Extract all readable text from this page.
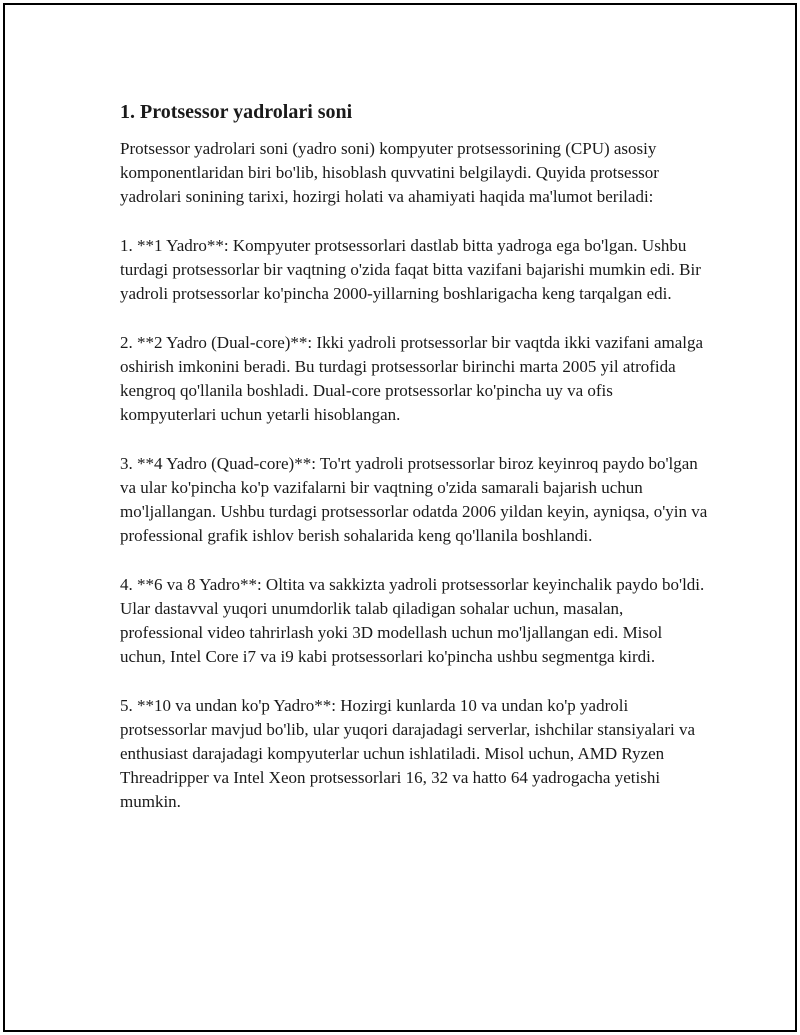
1. Protsessor yadrolari soni

Protsessor yadrolari soni (yadro soni) kompyuter protsessorining (CPU) asosiy komponentlaridan biri bo'lib, hisoblash quvvatini belgilaydi. Quyida protsessor yadrolari sonining tarixi, hozirgi holati va ahamiyati haqida ma'lumot beriladi:

1. **1 Yadro**: Kompyuter protsessorlari dastlab bitta yadroga ega bo'lgan. Ushbu turdagi protsessorlar bir vaqtning o'zida faqat bitta vazifani bajarishi mumkin edi. Bir yadroli protsessorlar ko'pincha 2000-yillarning boshlarigacha keng tarqalgan edi.

2. **2 Yadro (Dual-core)**: Ikki yadroli protsessorlar bir vaqtda ikki vazifani amalga oshirish imkonini beradi. Bu turdagi protsessorlar birinchi marta 2005 yil atrofida kengroq qo'llanila boshladi. Dual-core protsessorlar ko'pincha uy va ofis kompyuterlari uchun yetarli hisoblangan.

3. **4 Yadro (Quad-core)**: To'rt yadroli protsessorlar biroz keyinroq paydo bo'lgan va ular ko'pincha ko'p vazifalarni bir vaqtning o'zida samarali bajarish uchun mo'ljallangan. Ushbu turdagi protsessorlar odatda 2006 yildan keyin, ayniqsa, o'yin va professional grafik ishlov berish sohalarida keng qo'llanila boshlandi.

4. **6 va 8 Yadro**: Oltita va sakkizta yadroli protsessorlar keyinchalik paydo bo'ldi. Ular dastavval yuqori unumdorlik talab qiladigan sohalar uchun, masalan, professional video tahrirlash yoki 3D modellash uchun mo'ljallangan edi. Misol uchun, Intel Core i7 va i9 kabi protsessorlari ko'pincha ushbu segmentga kirdi.

5. **10 va undan ko'p Yadro**: Hozirgi kunlarda 10 va undan ko'p yadroli protsessorlar mavjud bo'lib, ular yuqori darajadagi serverlar, ishchilar stansiyalari va enthusiast darajadagi kompyuterlar uchun ishlatiladi. Misol uchun, AMD Ryzen Threadripper va Intel Xeon protsessorlari 16, 32 va hatto 64 yadrogacha yetishi mumkin.
